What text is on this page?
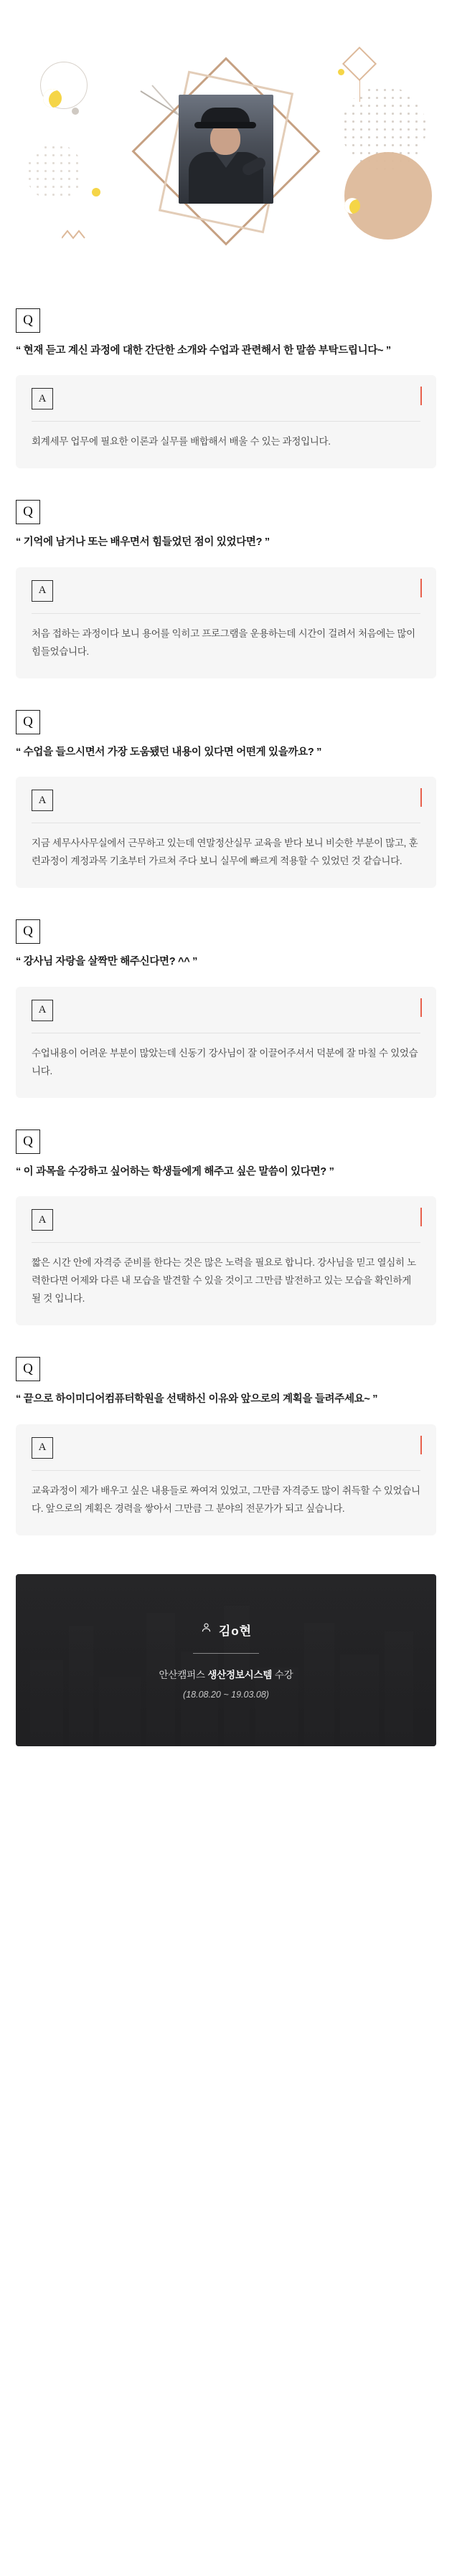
Q
“ 현재 듣고 계신 과정에 대한 간단한 소개와 수업과 관련해서 한 말씀 부탁드립니다~ ”
A
회계세무 업무에 필요한 이론과 실무를 배합해서 배울 수 있는 과정입니다.
Q
“ 기억에 남거나 또는 배우면서 힘들었던 점이 있었다면? ”
A
처음 접하는 과정이다 보니 용어를 익히고 프로그램을 운용하는데 시간이 걸려서 처음에는 많이 힘들었습니다.
Q
“ 수업을 들으시면서 가장 도움됐던 내용이 있다면 어떤게 있을까요? ”
A
지금 세무사사무실에서 근무하고 있는데 연말정산실무 교육을 받다 보니 비슷한 부분이 많고, 훈련과정이 계정과목 기초부터 가르쳐 주다 보니 실무에 빠르게 적용할 수 있었던 것 같습니다.
Q
“ 강사님 자랑을 살짝만 해주신다면? ^^ ”
A
수업내용이 어려운 부분이 많았는데 신동기 강사님이 잘 이끌어주셔서 덕분에 잘 마칠 수 있었습니다.
Q
“ 이 과목을 수강하고 싶어하는 학생들에게 해주고 싶은 말씀이 있다면? ”
A
짧은 시간 안에 자격증 준비를 한다는 것은 많은 노력을 필요로 합니다. 강사님을 믿고 열심히 노력한다면 어제와 다른 내 모습을 발견할 수 있을 것이고 그만큼 발전하고 있는 모습을 확인하게 될 것 입니다.
Q
“ 끝으로 하이미디어컴퓨터학원을 선택하신 이유와 앞으로의 계획을 들려주세요~ ”
A
교육과정이 제가 배우고 싶은 내용들로 짜여져 있었고, 그만큼 자격증도 많이 취득할 수 있었습니다. 앞으로의 계획은 경력을 쌓아서 그만큼 그 분야의 전문가가 되고 싶습니다.
김o현
안산캠퍼스 생산정보시스템 수강
(18.08.20 ~ 19.03.08)
